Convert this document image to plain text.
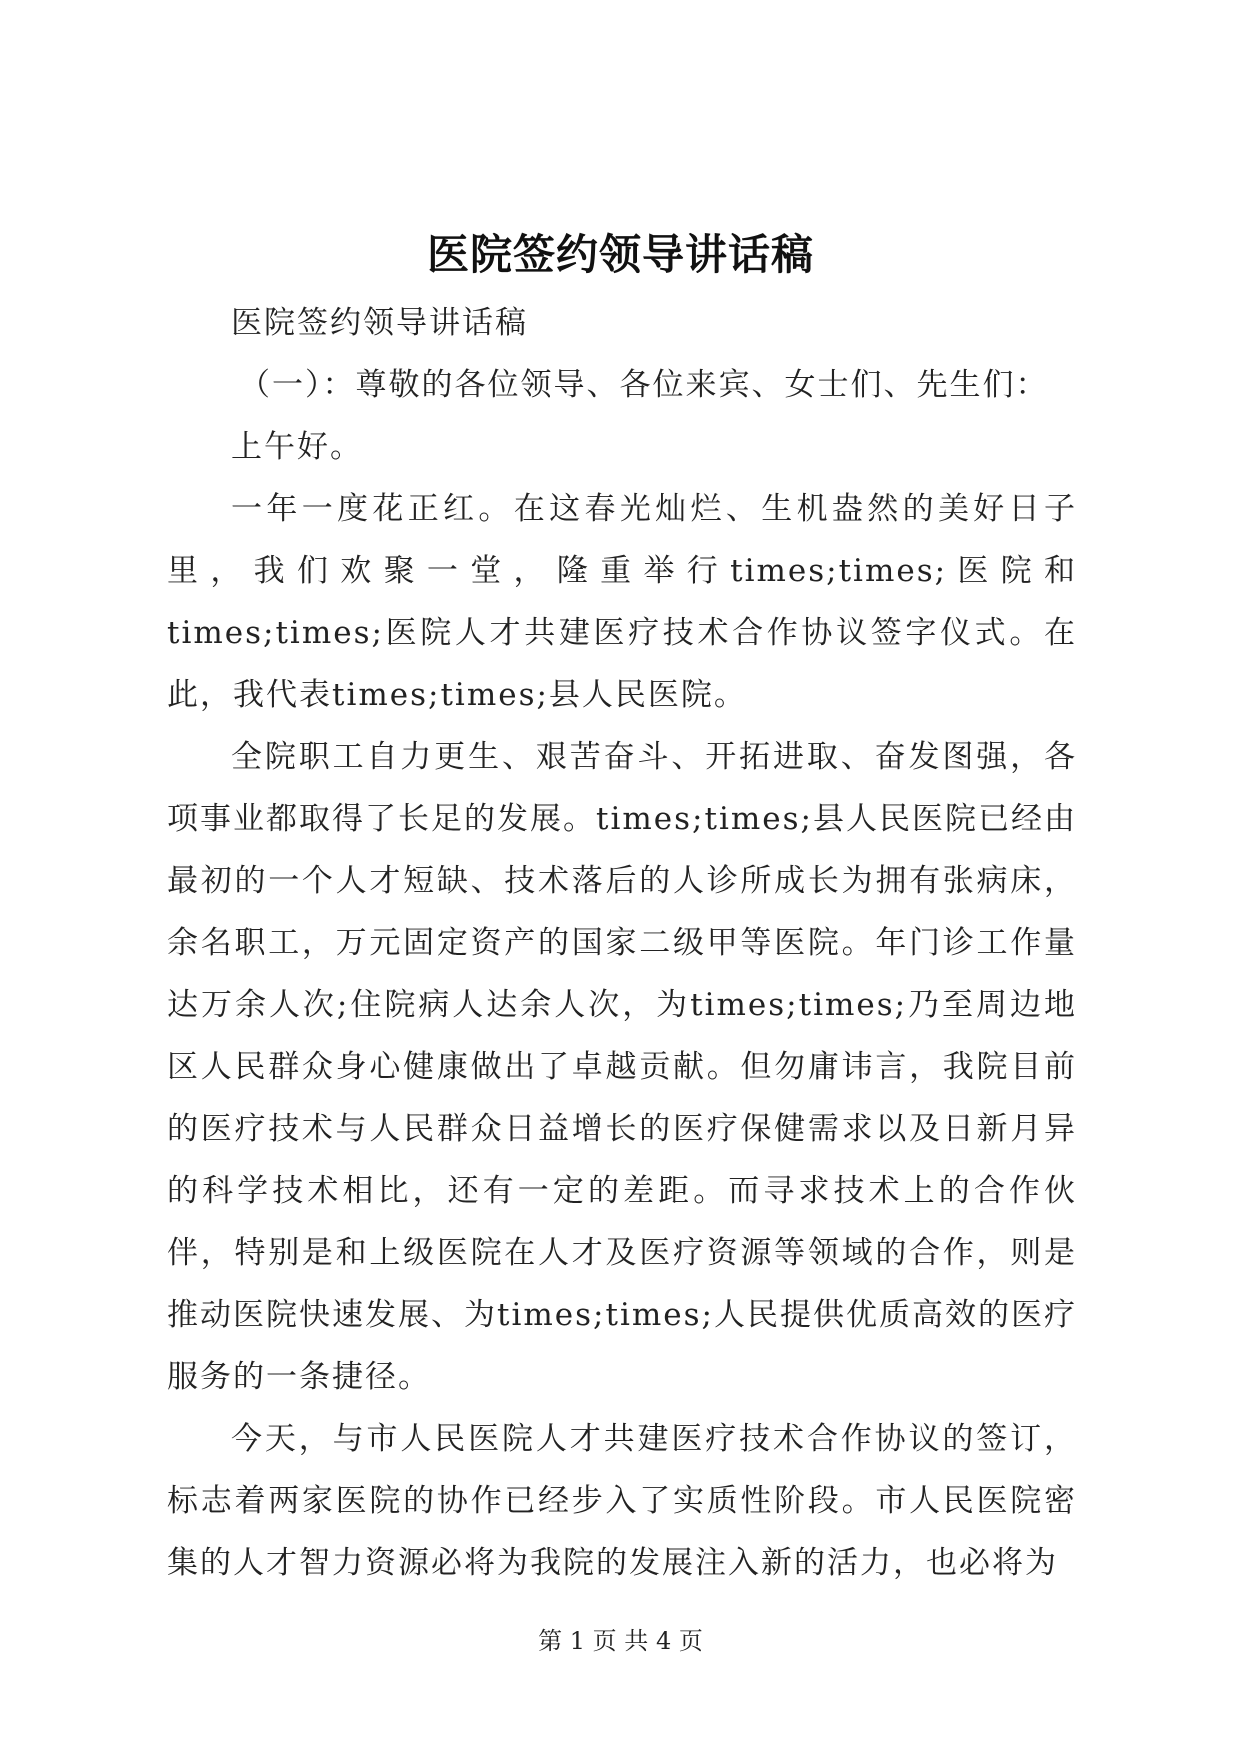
医院签约领导讲话稿

医院签约领导讲话稿

（一）：尊敬的各位领导、各位来宾、女士们、先生们：

上午好。

一年一度花正红。在这春光灿烂、生机盎然的美好日子里，我们欢聚一堂，隆重举行times;times;医院和times;times;医院人才共建医疗技术合作协议签字仪式。在此，我代表times;times;县人民医院。

全院职工自力更生、艰苦奋斗、开拓进取、奋发图强，各项事业都取得了长足的发展。times;times;县人民医院已经由最初的一个人才短缺、技术落后的人诊所成长为拥有张病床，余名职工，万元固定资产的国家二级甲等医院。年门诊工作量达万余人次;住院病人达余人次，为times;times;乃至周边地区人民群众身心健康做出了卓越贡献。但勿庸讳言，我院目前的医疗技术与人民群众日益增长的医疗保健需求以及日新月异的科学技术相比，还有一定的差距。而寻求技术上的合作伙伴，特别是和上级医院在人才及医疗资源等领域的合作，则是推动医院快速发展、为times;times;人民提供优质高效的医疗服务的一条捷径。

今天，与市人民医院人才共建医疗技术合作协议的签订，标志着两家医院的协作已经步入了实质性阶段。市人民医院密集的人才智力资源必将为我院的发展注入新的活力，也必将为

第 1 页 共 4 页
